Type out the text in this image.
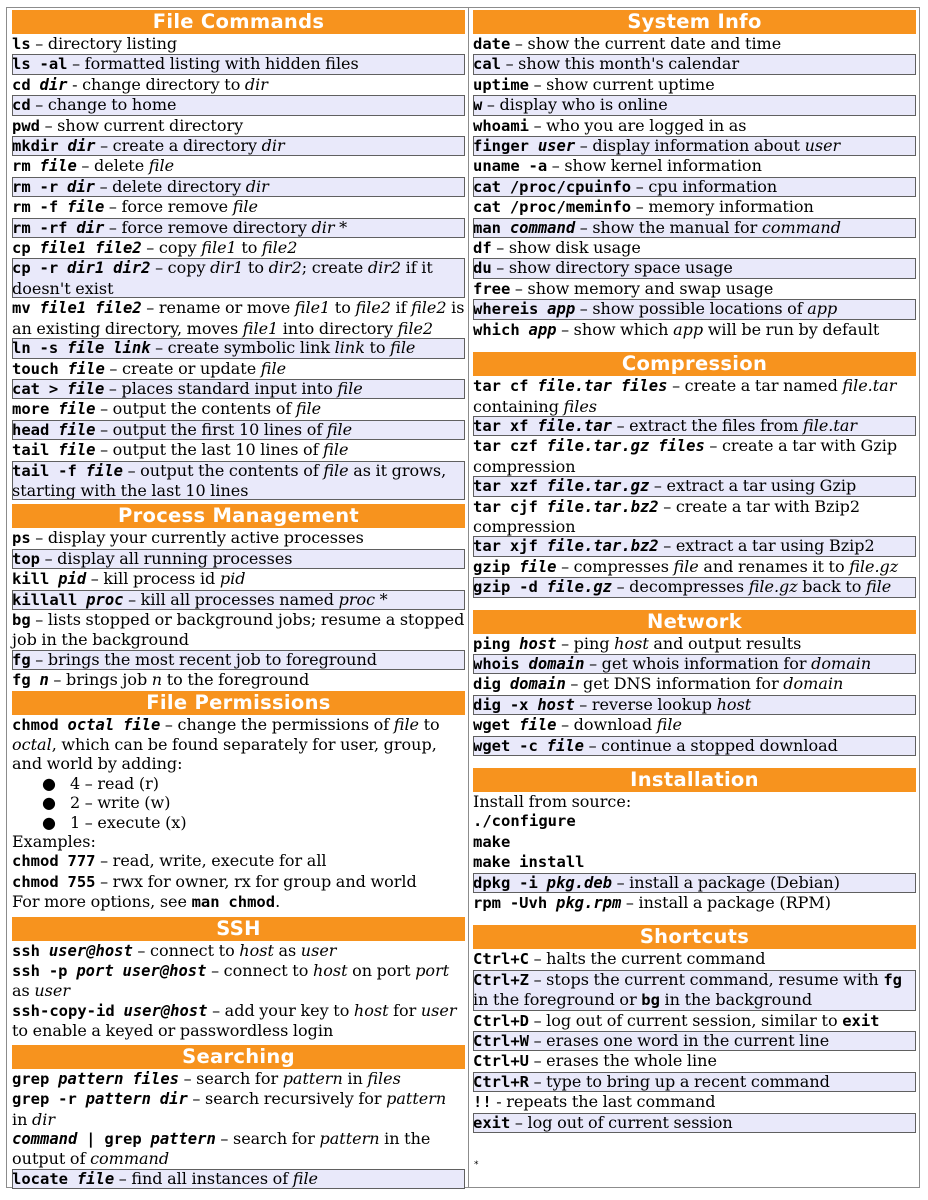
File Commands
ls – directory listing
ls -al – formatted listing with hidden files
cd dir - change directory to dir
cd – change to home
pwd – show current directory
mkdir dir – create a directory dir
rm file – delete file
rm -r dir – delete directory dir
rm -f file – force remove file
rm -rf dir – force remove directory dir *
cp file1 file2 – copy file1 to file2
cp -r dir1 dir2 – copy dir1 to dir2; create dir2 if it doesn't exist
mv file1 file2 – rename or move file1 to file2 if file2 is an existing directory, moves file1 into directory file2
ln -s file link – create symbolic link link to file
touch file – create or update file
cat > file – places standard input into file
more file – output the contents of file
head file – output the first 10 lines of file
tail file – output the last 10 lines of file
tail -f file – output the contents of file as it grows, starting with the last 10 lines
Process Management
ps – display your currently active processes
top – display all running processes
kill pid – kill process id pid
killall proc – kill all processes named proc *
bg – lists stopped or background jobs; resume a stopped job in the background
fg – brings the most recent job to foreground
fg n – brings job n to the foreground
File Permissions
chmod octal file – change the permissions of file to octal, which can be found separately for user, group, and world by adding:
● 4 – read (r)
● 2 – write (w)
● 1 – execute (x)
Examples:
chmod 777 – read, write, execute for all
chmod 755 – rwx for owner, rx for group and world
For more options, see man chmod.
SSH
ssh user@host – connect to host as user
ssh -p port user@host – connect to host on port port as user
ssh-copy-id user@host – add your key to host for user to enable a keyed or passwordless login
Searching
grep pattern files – search for pattern in files
grep -r pattern dir – search recursively for pattern in dir
command | grep pattern – search for pattern in the output of command
locate file – find all instances of file
System Info
date – show the current date and time
cal – show this month's calendar
uptime – show current uptime
w – display who is online
whoami – who you are logged in as
finger user – display information about user
uname -a – show kernel information
cat /proc/cpuinfo – cpu information
cat /proc/meminfo – memory information
man command – show the manual for command
df – show disk usage
du – show directory space usage
free – show memory and swap usage
whereis app – show possible locations of app
which app – show which app will be run by default
Compression
tar cf file.tar files – create a tar named file.tar containing files
tar xf file.tar – extract the files from file.tar
tar czf file.tar.gz files – create a tar with Gzip compression
tar xzf file.tar.gz – extract a tar using Gzip
tar cjf file.tar.bz2 – create a tar with Bzip2 compression
tar xjf file.tar.bz2 – extract a tar using Bzip2
gzip file – compresses file and renames it to file.gz
gzip -d file.gz – decompresses file.gz back to file
Network
ping host – ping host and output results
whois domain – get whois information for domain
dig domain – get DNS information for domain
dig -x host – reverse lookup host
wget file – download file
wget -c file – continue a stopped download
Installation
Install from source:
./configure
make
make install
dpkg -i pkg.deb – install a package (Debian)
rpm -Uvh pkg.rpm – install a package (RPM)
Shortcuts
Ctrl+C – halts the current command
Ctrl+Z – stops the current command, resume with fg in the foreground or bg in the background
Ctrl+D – log out of current session, similar to exit
Ctrl+W – erases one word in the current line
Ctrl+U – erases the whole line
Ctrl+R – type to bring up a recent command
!! - repeats the last command
exit – log out of current session
*
